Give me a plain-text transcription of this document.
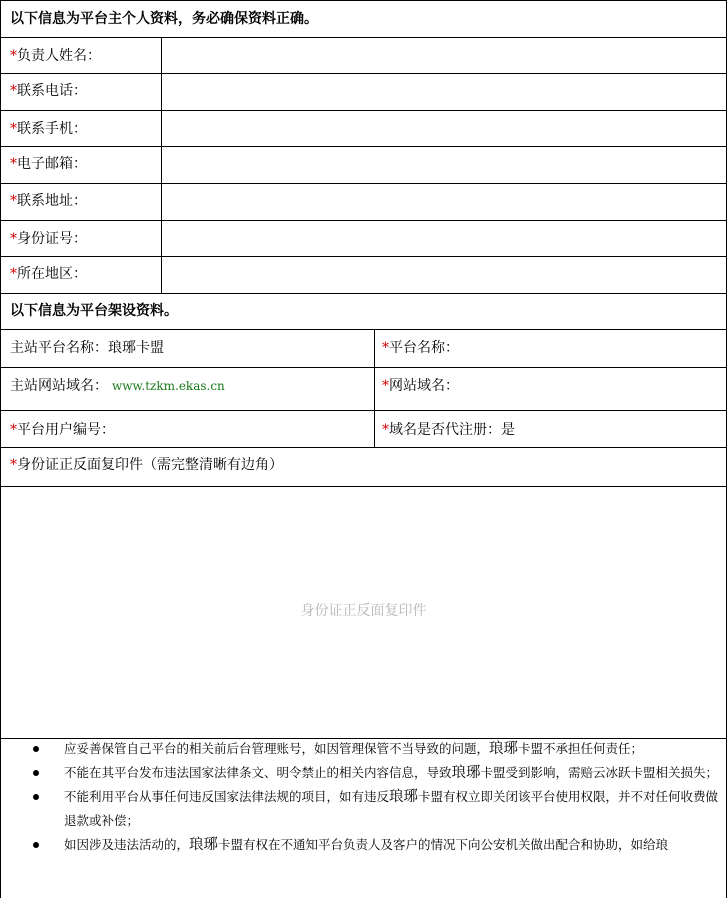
以下信息为平台主个人资料，务必确保资料正确。
*负责人姓名：
*联系电话：
*联系手机：
*电子邮箱：
*联系地址：
*身份证号：
*所在地区：
以下信息为平台架设资料。
主站平台名称：琅琊卡盟	*平台名称：
主站网站域名： www.tzkm.ekas.cn	*网站域名：
*平台用户编号：	*域名是否代注册：是
*身份证正反面复印件（需完整清晰有边角）
身份证正反面复印件
应妥善保管自己平台的相关前后台管理账号，如因管理保管不当导致的问题，琅琊卡盟不承担任何责任；
不能在其平台发布违法国家法律条文、明令禁止的相关内容信息，导致琅琊卡盟受到影响，需赔云冰跃卡盟相关损失；
不能利用平台从事任何违反国家法律法规的项目，如有违反琅琊卡盟有权立即关闭该平台使用权限，并不对任何收费做退款或补偿；
如因涉及违法活动的，琅琊卡盟有权在不通知平台负责人及客户的情况下向公安机关做出配合和协助，如给琅
